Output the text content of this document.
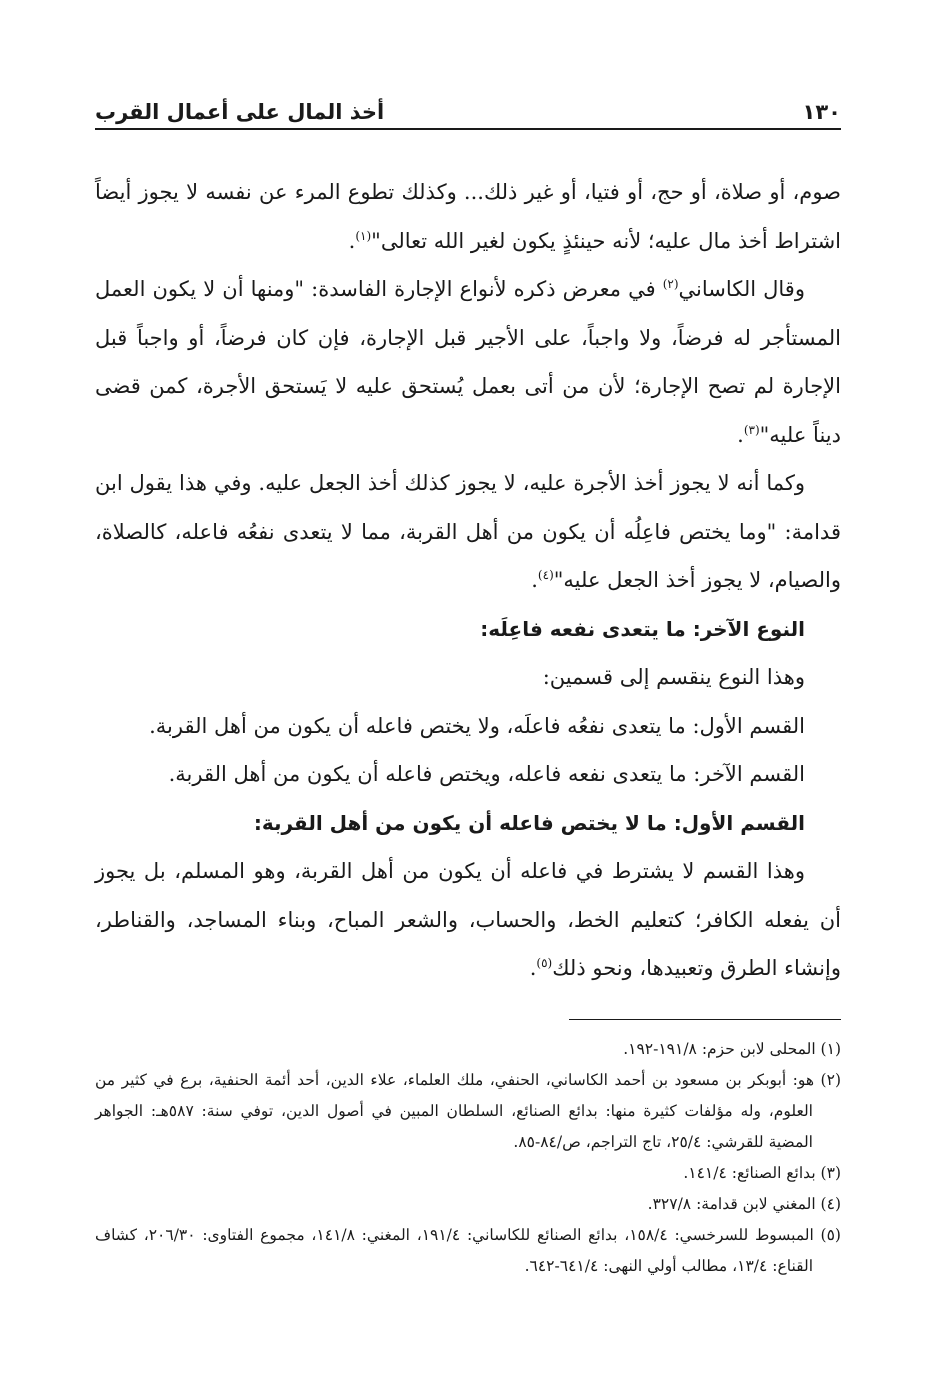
١٣٠
أخذ المال على أعمال القرب

صوم، أو صلاة، أو حج، أو فتيا، أو غير ذلك... وكذلك تطوع المرء عن نفسه لا يجوز أيضاً اشتراط أخذ مال عليه؛ لأنه حينئذٍ يكون لغير الله تعالى"$^{(١)}$.

وقال الكاساني$^{(٢)}$ في معرض ذكره لأنواع الإجارة الفاسدة: "ومنها أن لا يكون العمل المستأجر له فرضاً، ولا واجباً، على الأجير قبل الإجارة، فإن كان فرضاً، أو واجباً قبل الإجارة لم تصح الإجارة؛ لأن من أتى بعمل يُستحق عليه لا يَستحق الأجرة، كمن قضى ديناً عليه"$^{(٣)}$.

وكما أنه لا يجوز أخذ الأجرة عليه، لا يجوز كذلك أخذ الجعل عليه. وفي هذا يقول ابن قدامة: "وما يختص فاعِلُه أن يكون من أهل القربة، مما لا يتعدى نفعُه فاعله، كالصلاة، والصيام، لا يجوز أخذ الجعل عليه"$^{(٤)}$.

النوع الآخر: ما يتعدى نفعه فاعِلَه:

وهذا النوع ينقسم إلى قسمين:

القسم الأول: ما يتعدى نفعُه فاعلَه، ولا يختص فاعله أن يكون من أهل القربة.

القسم الآخر: ما يتعدى نفعه فاعله، ويختص فاعله أن يكون من أهل القربة.

القسم الأول: ما لا يختص فاعله أن يكون من أهل القربة:

وهذا القسم لا يشترط في فاعله أن يكون من أهل القربة، وهو المسلم، بل يجوز أن يفعله الكافر؛ كتعليم الخط، والحساب، والشعر المباح، وبناء المساجد، والقناطر، وإنشاء الطرق وتعبيدها، ونحو ذلك$^{(٥)}$.

(١) المحلى لابن حزم: ١٩١/٨-١٩٢.

(٢) هو: أبوبكر بن مسعود بن أحمد الكاساني، الحنفي، ملك العلماء، علاء الدين، أحد أئمة الحنفية، برع في كثير من العلوم، وله مؤلفات كثيرة منها: بدائع الصنائع، السلطان المبين في أصول الدين، توفي سنة: ٥٨٧هـ: الجواهر المضية للقرشي: ٢٥/٤، تاج التراجم، ص/٨٤-٨٥.

(٣) بدائع الصنائع: ١٤١/٤.

(٤) المغني لابن قدامة: ٣٢٧/٨.

(٥) المبسوط للسرخسي: ١٥٨/٤، بدائع الصنائع للكاساني: ١٩١/٤، المغني: ١٤١/٨، مجموع الفتاوى: ٢٠٦/٣٠، كشاف القناع: ١٣/٤، مطالب أولي النهى: ٦٤١/٤-٦٤٢.
